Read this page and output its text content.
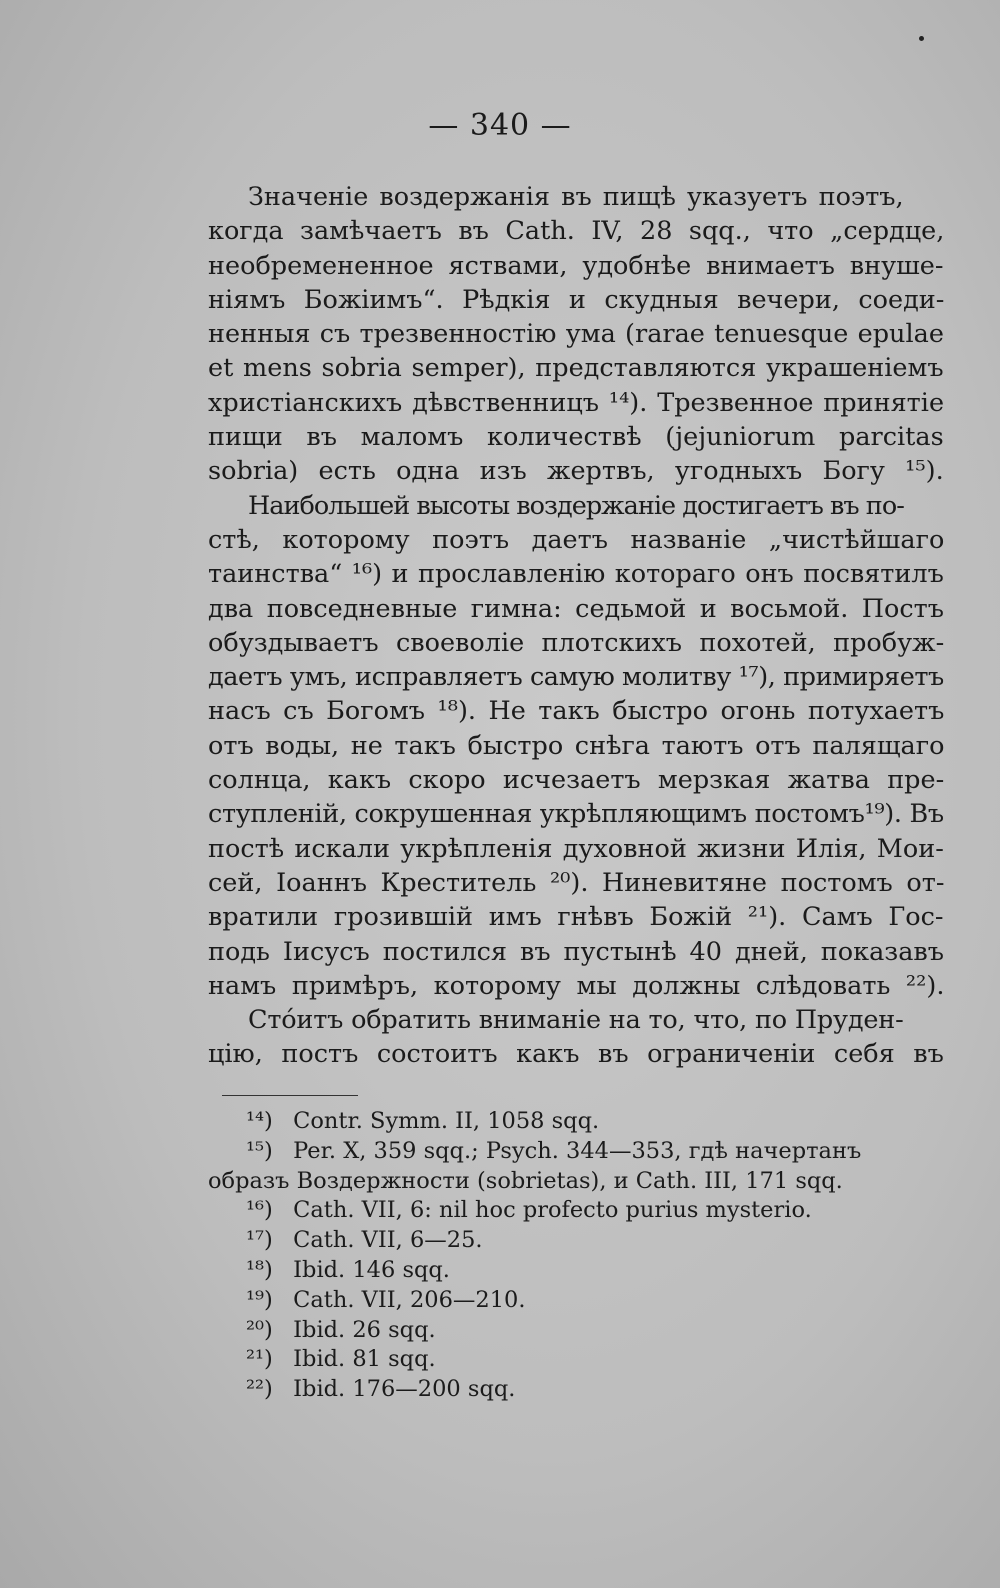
— 340 —

Значеніе воздержанія въ пищѣ указуетъ поэтъ,
когда замѣчаетъ въ Cath. IV, 28 sqq., что „сердце,
необремененное яствами, удобнѣе внимаетъ внуше-
ніямъ Божіимъ“. Рѣдкія и скудныя вечери, соеди-
ненныя съ трезвенностію ума (rarae tenuesque epulae
et mens sobria semper), представляются украшеніемъ
христіанскихъ дѣвственницъ ¹⁴). Трезвенное принятіе
пищи въ маломъ количествѣ (jejuniorum parcitas
sobria) есть одна изъ жертвъ, угодныхъ Богу ¹⁵).

Наибольшей высоты воздержаніе достигаетъ въ по-
стѣ, которому поэтъ даетъ названіе „чистѣйшаго
таинства“ ¹⁶) и прославленію котораго онъ посвятилъ
два повседневные гимна: седьмой и восьмой. Постъ
обуздываетъ своеволіе плотскихъ похотей, пробуж-
даетъ умъ, исправляетъ самую молитву ¹⁷), примиряетъ
насъ съ Богомъ ¹⁸). Не такъ быстро огонь потухаетъ
отъ воды, не такъ быстро снѣга таютъ отъ палящаго
солнца, какъ скоро исчезаетъ мерзкая жатва пре-
ступленій, сокрушенная укрѣпляющимъ постомъ¹⁹). Въ
постѣ искали укрѣпленія духовной жизни Илія, Мои-
сей, Іоаннъ Креститель ²⁰). Ниневитяне постомъ от-
вратили грозившій имъ гнѣвъ Божій ²¹). Самъ Гос-
подь Іисусъ постился въ пустынѣ 40 дней, показавъ
намъ примѣръ, которому мы должны слѣдовать ²²).

Стóитъ обратить вниманіе на то, что, по Пруден-
цію, постъ состоитъ какъ въ ограниченіи себя въ

¹⁴) Contr. Symm. II, 1058 sqq.
¹⁵) Per. X, 359 sqq.; Psych. 344—353, гдѣ начертанъ
образъ Воздержности (sobrietas), и Cath. III, 171 sqq.
¹⁶) Cath. VII, 6: nil hoc profecto purius mysterio.
¹⁷) Cath. VII, 6—25.
¹⁸) Ibid. 146 sqq.
¹⁹) Cath. VII, 206—210.
²⁰) Ibid. 26 sqq.
²¹) Ibid. 81 sqq.
²²) Ibid. 176—200 sqq.
